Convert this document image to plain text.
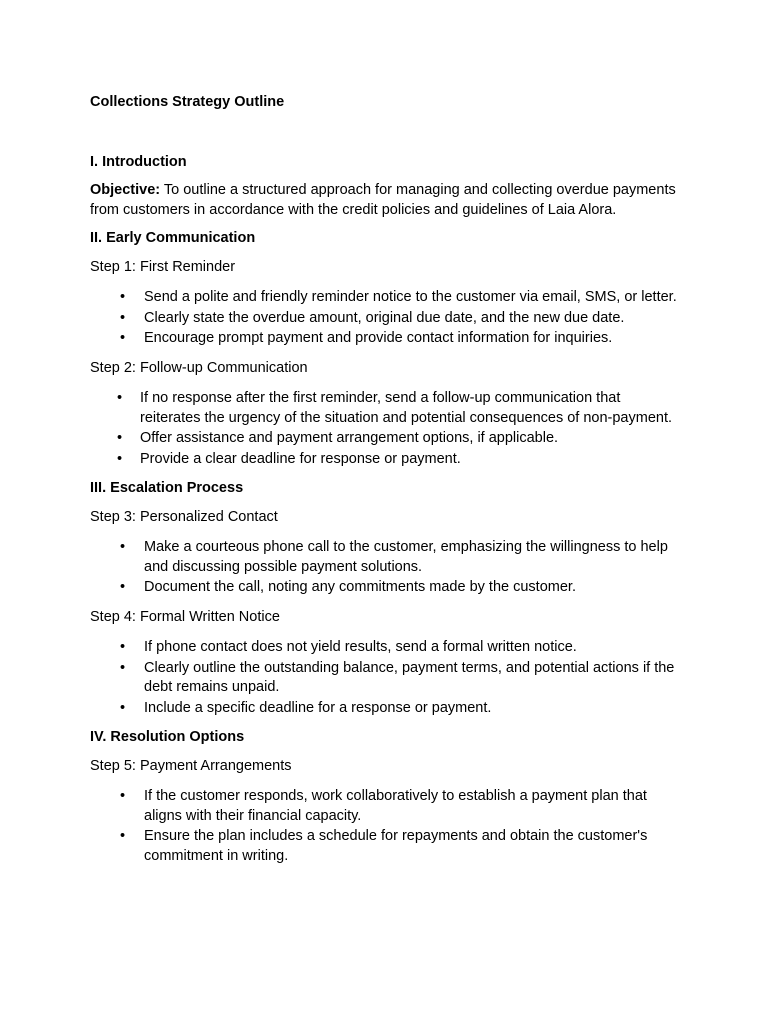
Collections Strategy Outline
I. Introduction
Objective: To outline a structured approach for managing and collecting overdue payments from customers in accordance with the credit policies and guidelines of Laia Alora.
II. Early Communication
Step 1: First Reminder
• Send a polite and friendly reminder notice to the customer via email, SMS, or letter.
• Clearly state the overdue amount, original due date, and the new due date.
• Encourage prompt payment and provide contact information for inquiries.
Step 2: Follow-up Communication
• If no response after the first reminder, send a follow-up communication that reiterates the urgency of the situation and potential consequences of non-payment.
• Offer assistance and payment arrangement options, if applicable.
• Provide a clear deadline for response or payment.
III. Escalation Process
Step 3: Personalized Contact
• Make a courteous phone call to the customer, emphasizing the willingness to help and discussing possible payment solutions.
• Document the call, noting any commitments made by the customer.
Step 4: Formal Written Notice
• If phone contact does not yield results, send a formal written notice.
• Clearly outline the outstanding balance, payment terms, and potential actions if the debt remains unpaid.
• Include a specific deadline for a response or payment.
IV. Resolution Options
Step 5: Payment Arrangements
• If the customer responds, work collaboratively to establish a payment plan that aligns with their financial capacity.
• Ensure the plan includes a schedule for repayments and obtain the customer's commitment in writing.
